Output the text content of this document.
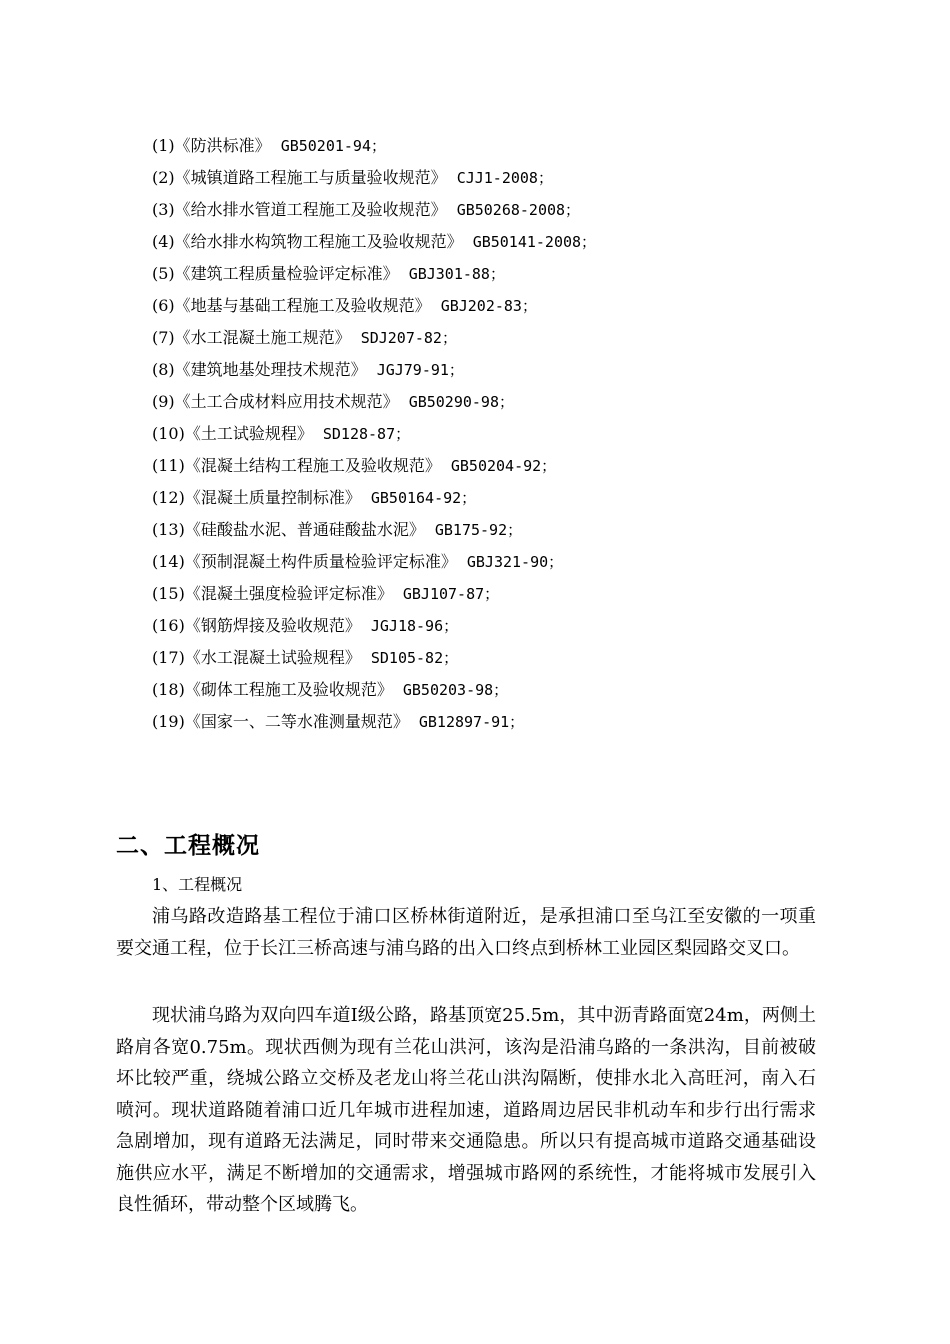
(1)《防洪标准》 GB50201-94；
(2)《城镇道路工程施工与质量验收规范》 CJJ1-2008；
(3)《给水排水管道工程施工及验收规范》 GB50268-2008；
(4)《给水排水构筑物工程施工及验收规范》 GB50141-2008；
(5)《建筑工程质量检验评定标准》 GBJ301-88；
(6)《地基与基础工程施工及验收规范》 GBJ202-83；
(7)《水工混凝土施工规范》 SDJ207-82；
(8)《建筑地基处理技术规范》 JGJ79-91；
(9)《土工合成材料应用技术规范》 GB50290-98；
(10)《土工试验规程》 SD128-87；
(11)《混凝土结构工程施工及验收规范》 GB50204-92；
(12)《混凝土质量控制标准》 GB50164-92；
(13)《硅酸盐水泥、普通硅酸盐水泥》 GB175-92；
(14)《预制混凝土构件质量检验评定标准》 GBJ321-90；
(15)《混凝土强度检验评定标准》 GBJ107-87；
(16)《钢筋焊接及验收规范》 JGJ18-96；
(17)《水工混凝土试验规程》 SD105-82；
(18)《砌体工程施工及验收规范》 GB50203-98；
(19)《国家一、二等水准测量规范》 GB12897-91；
二、工程概况

1、工程概况

浦乌路改造路基工程位于浦口区桥林街道附近，是承担浦口至乌江至安徽的一项重要交通工程，位于长江三桥高速与浦乌路的出入口终点到桥林工业园区梨园路交叉口。

现状浦乌路为双向四车道Ⅰ级公路，路基顶宽25.5m，其中沥青路面宽24m，两侧土路肩各宽0.75m。现状西侧为现有兰花山洪河，该沟是沿浦乌路的一条洪沟，目前被破坏比较严重，绕城公路立交桥及老龙山将兰花山洪沟隔断，使排水北入高旺河，南入石喷河。现状道路随着浦口近几年城市进程加速，道路周边居民非机动车和步行出行需求急剧增加，现有道路无法满足，同时带来交通隐患。所以只有提高城市道路交通基础设施供应水平，满足不断增加的交通需求，增强城市路网的系统性，才能将城市发展引入良性循环，带动整个区域腾飞。
